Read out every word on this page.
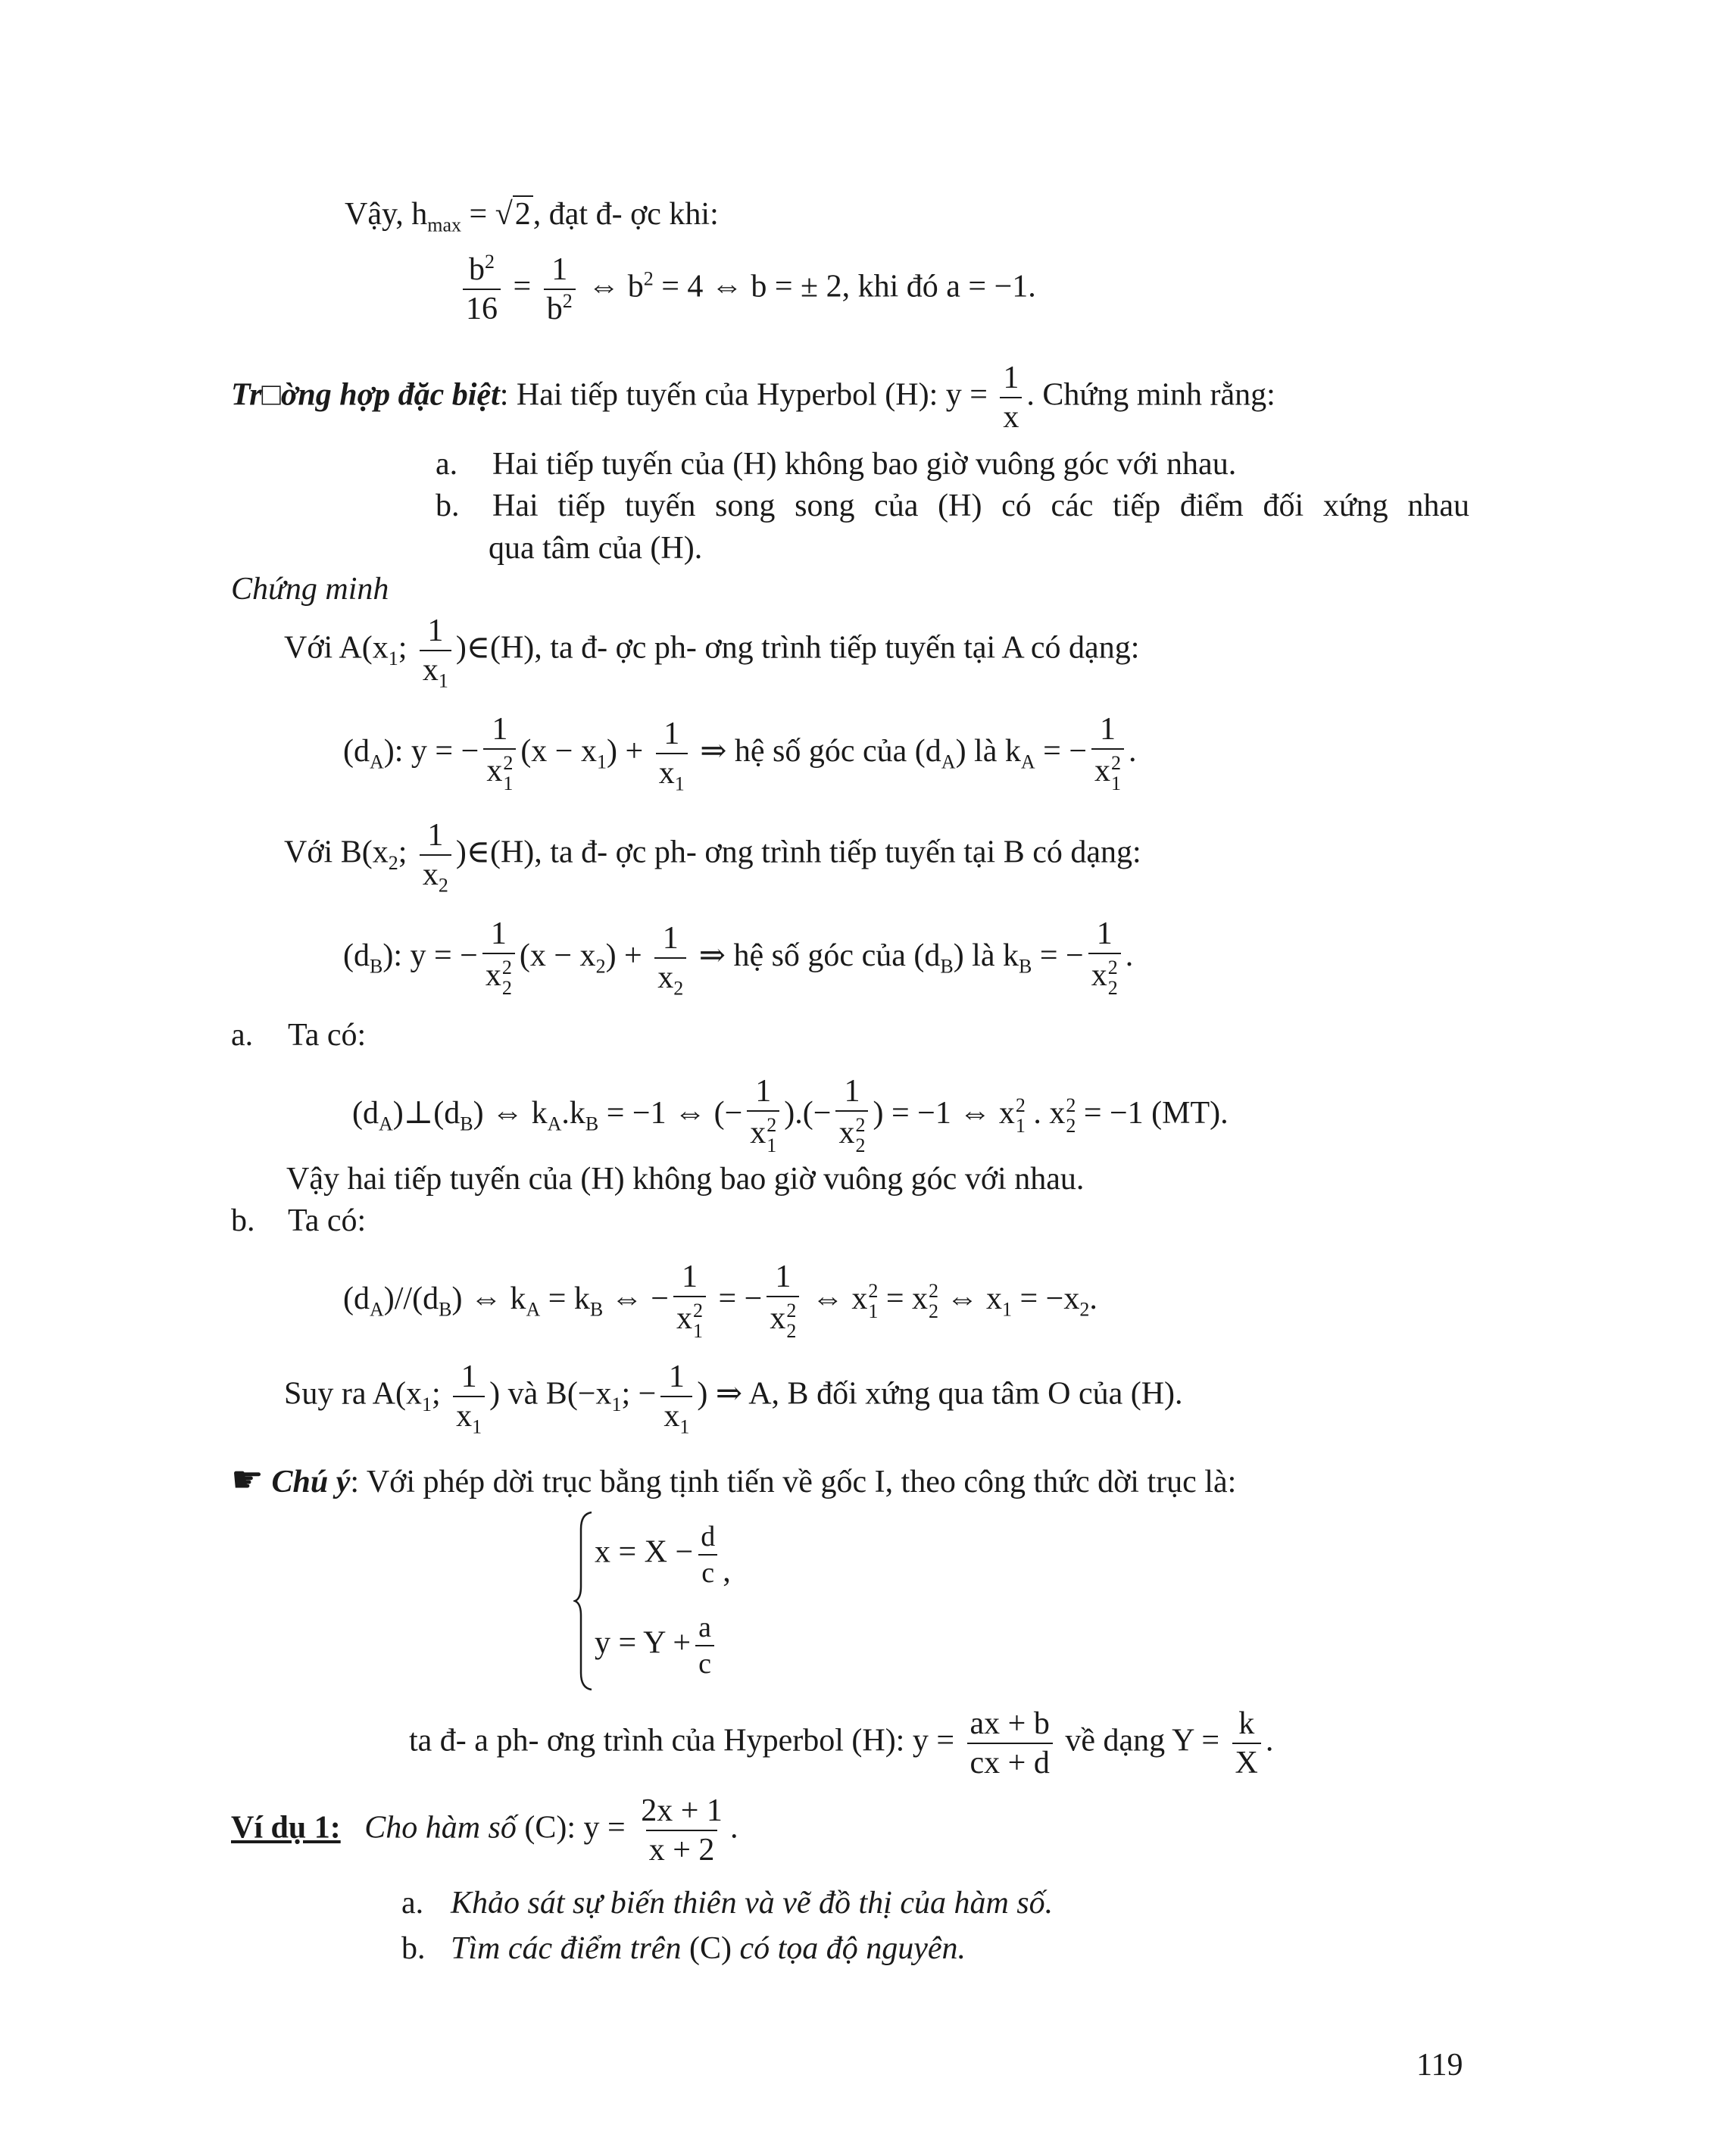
Vậy, $h_{max} = √2$, đạt đ- ợc khi:
$\frac{b^2}{16} = \frac{1}{b^2}$ ⇔ $b^2 = 4$ ⇔ b = ± 2, khi đó a = −1.
Tr□ờng hợp đặc biệt: Hai tiếp tuyến của Hyperbol (H): $y = \frac{1}{x}$ . Chứng minh rằng:
a. Hai tiếp tuyến của (H) không bao giờ vuông góc với nhau.
b. Hai tiếp tuyến song song của (H) có các tiếp điểm đối xứng nhau
qua tâm của (H).
Chứng minh
Với $A(x_1$; $\frac{1}{x_1}$ )∈(H), ta đ- ợc ph- ơng trình tiếp tuyến tại A có dạng:
$(d_A)$: y = − 1
x 2
1 $(x - x_1) + \frac{1}{x_1}$ ⇒ hệ số góc của $(d_A)$ là $k_A$ = − 1
x 2
1 .
Với $B(x_2$; $\frac{1}{x_2}$ )∈(H), ta đ- ợc ph- ơng trình tiếp tuyến tại B có dạng:
$(d_B)$: y = − 1
x 2
2 $(x - x_2) + \frac{1}{x_2}$ ⇒ hệ số góc của $(d_B)$ là $k_B$ = − 1
x 2
2 .
a. Ta có:
$(d_A)\perp(d_B)$ ⇔ $k_A.k_B = -1$ ⇔ (− 1
x 2
1 ).(− 1
x 2
2 ) = −1 ⇔ x 2
1 . x 2
2 = −1 (MT).
Vậy hai tiếp tuyến của (H) không bao giờ vuông góc với nhau.
b. Ta có:
$(d_A)//(d_B)$ ⇔ $k_A = k_B$ ⇔ − 1
x 2
1 = − 1
x 2
2 ⇔ x 2
1 = x 2
2 ⇔ $x_1 = -x_2$.
Suy ra $A(x_1$; $\frac{1}{x_1}$ ) và $B(-x_1$; − $\frac{1}{x_1}$ ) ⇒ A, B đối xứng qua tâm O của (H).
☛ Chú ý: Với phép dời trục bằng tịnh tiến về gốc I, theo công thức dời trục là:
$x = X - \frac{d}{c}$ ,
$y = Y + \frac{a}{c}$
ta đ- a ph- ơng trình của Hyperbol (H): $y = \frac{ax + b}{cx + d}$ về dạng $Y = \frac{k}{X}$ .
Ví dụ 1: Cho hàm số (C): $y = \frac{2x + 1}{x + 2}$ .
a. Khảo sát sự biến thiên và vẽ đồ thị của hàm số.
b. Tìm các điểm trên (C) có tọa độ nguyên.
119
